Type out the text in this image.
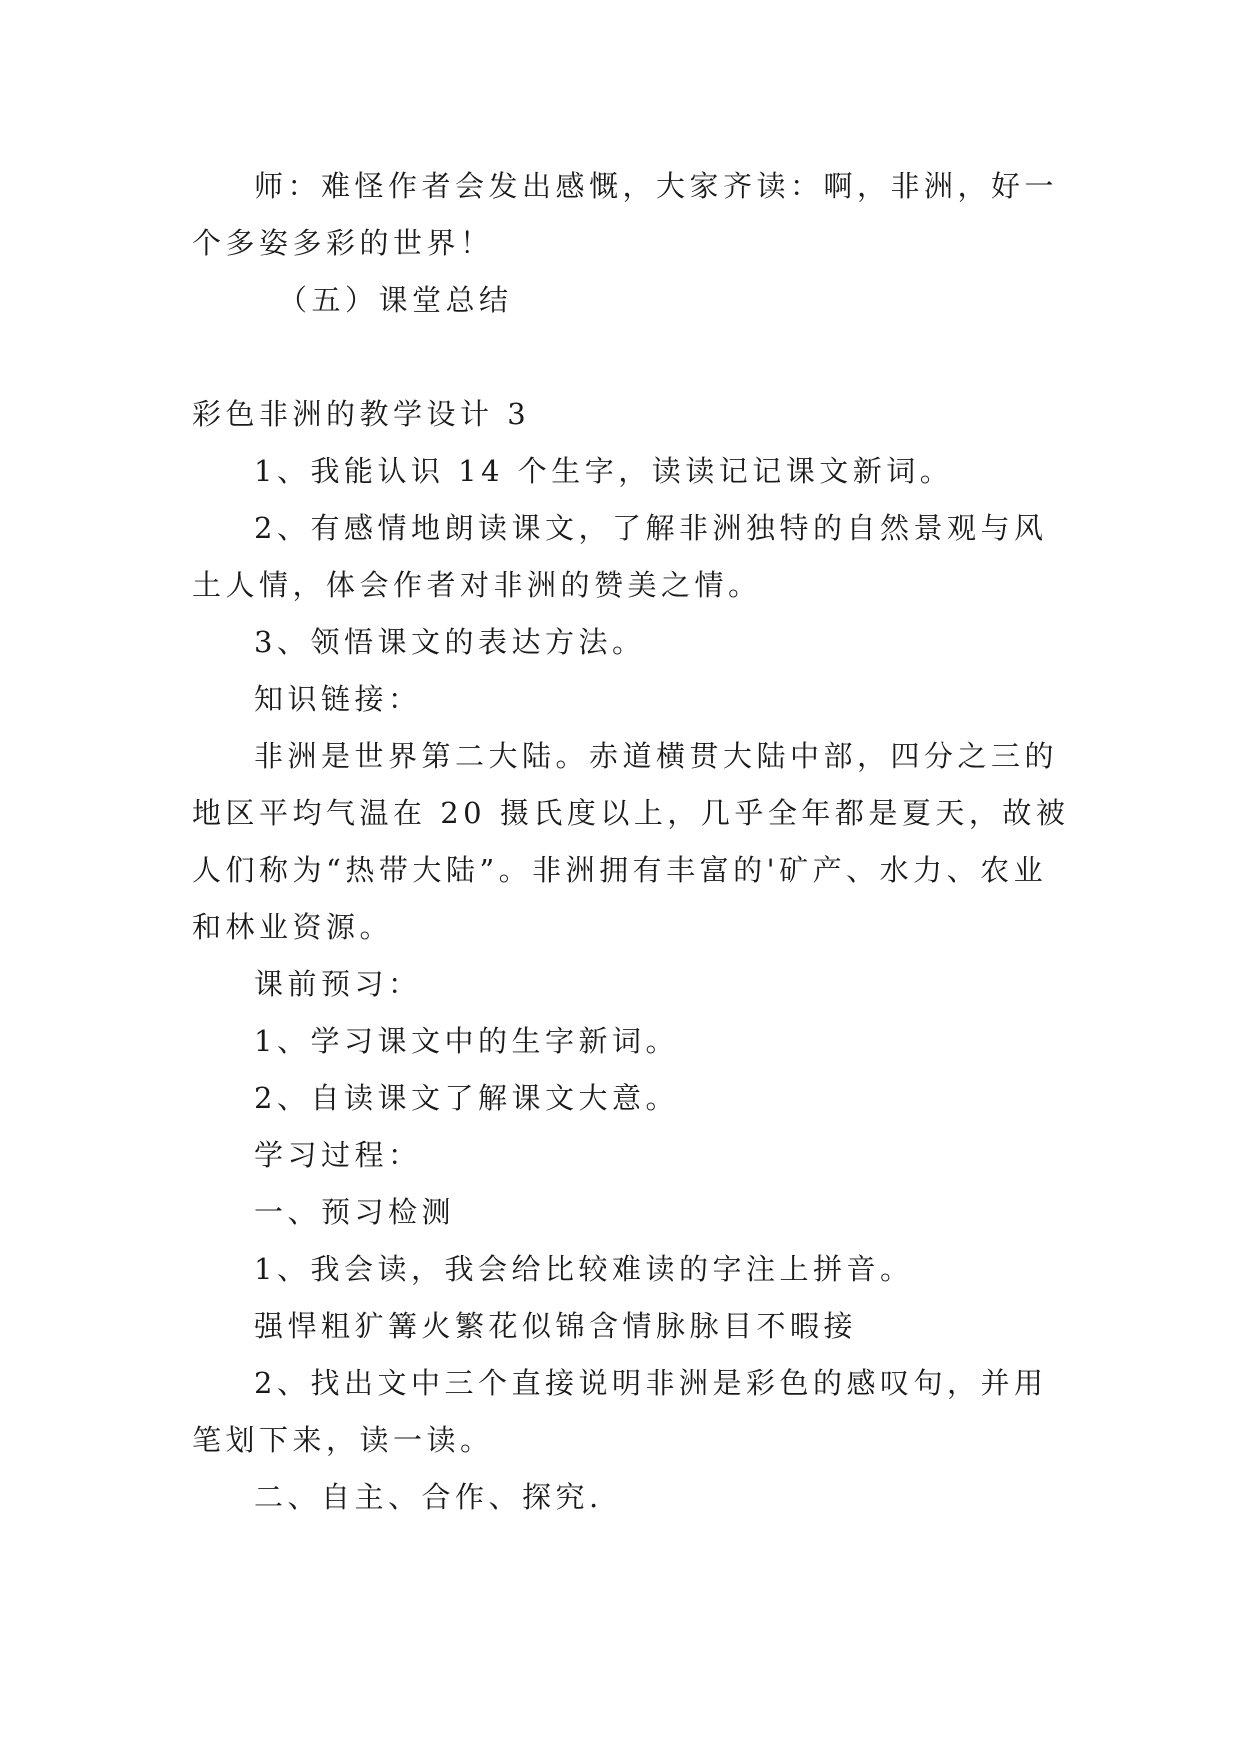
师：难怪作者会发出感慨，大家齐读：啊，非洲，好一
个多姿多彩的世界！
（五）课堂总结
彩色非洲的教学设计 3
1、我能认识 14 个生字，读读记记课文新词。
2、有感情地朗读课文，了解非洲独特的自然景观与风
土人情，体会作者对非洲的赞美之情。
3、领悟课文的表达方法。
知识链接：
非洲是世界第二大陆。赤道横贯大陆中部，四分之三的
地区平均气温在 20 摄氏度以上，几乎全年都是夏天，故被
人们称为“热带大陆”。非洲拥有丰富的'矿产、水力、农业
和林业资源。
课前预习：
1、学习课文中的生字新词。
2、自读课文了解课文大意。
学习过程：
一、预习检测
1、我会读，我会给比较难读的字注上拼音。
强悍粗犷篝火繁花似锦含情脉脉目不暇接
2、找出文中三个直接说明非洲是彩色的感叹句，并用
笔划下来，读一读。
二、自主、合作、探究.
